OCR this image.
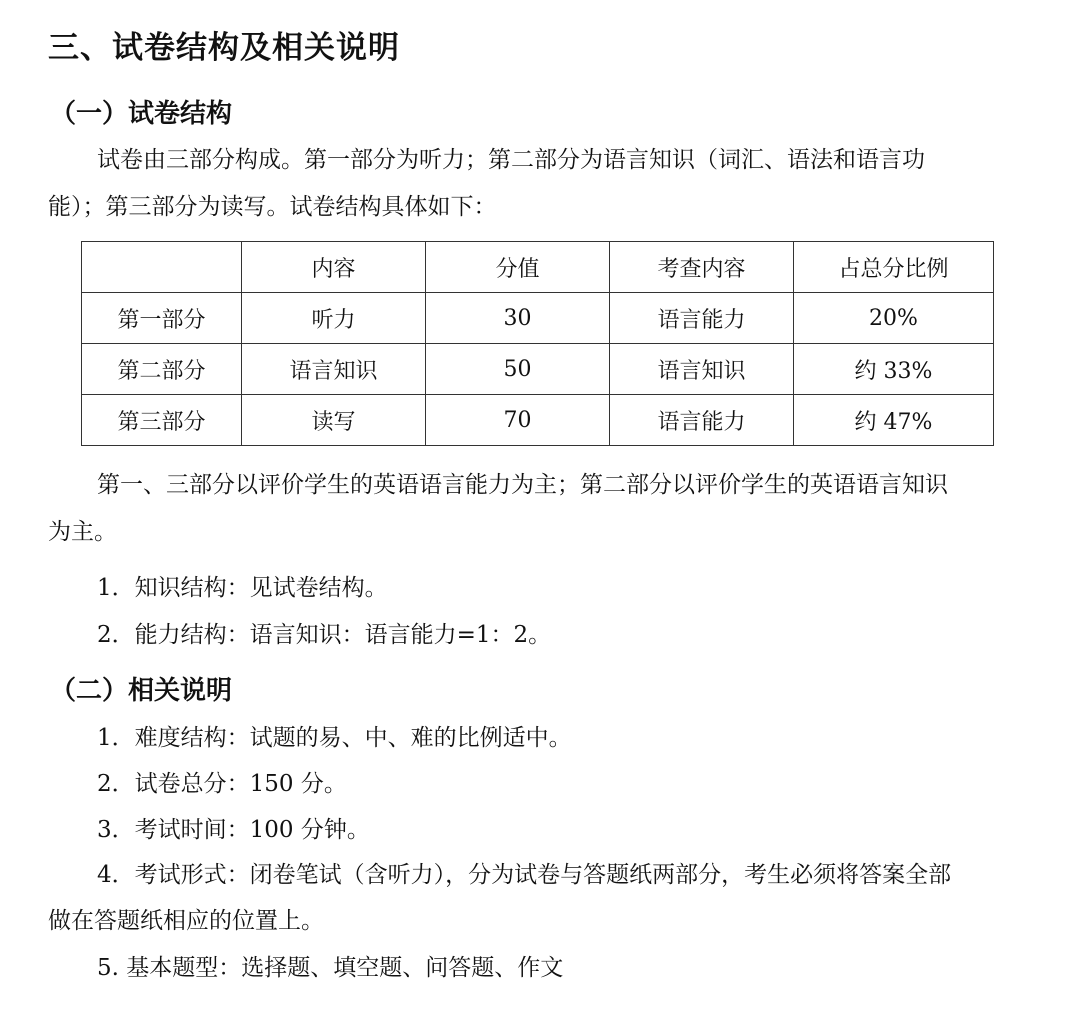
三、试卷结构及相关说明
（一）试卷结构
试卷由三部分构成。第一部分为听力；第二部分为语言知识（词汇、语法和语言功
能）；第三部分为读写。试卷结构具体如下：
	内容	分值	考查内容	占总分比例
第一部分	听力	30	语言能力	20%
第二部分	语言知识	50	语言知识	约 33%
第三部分	读写	70	语言能力	约 47%
第一、三部分以评价学生的英语语言能力为主；第二部分以评价学生的英语语言知识
为主。
1．知识结构：见试卷结构。
2．能力结构：语言知识：语言能力=1：2。
（二）相关说明
1．难度结构：试题的易、中、难的比例适中。
2．试卷总分：150 分。
3．考试时间：100 分钟。
4．考试形式：闭卷笔试（含听力），分为试卷与答题纸两部分，考生必须将答案全部
做在答题纸相应的位置上。
5. 基本题型：选择题、填空题、问答题、作文
